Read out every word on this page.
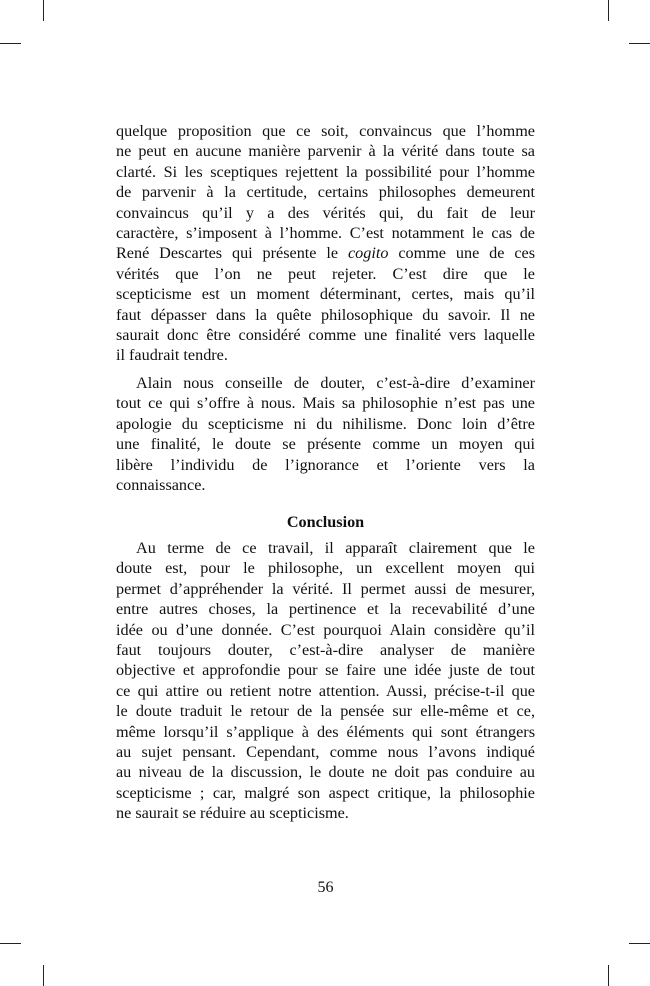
quelque proposition que ce soit, convaincus que l’homme
ne peut en aucune manière parvenir à la vérité dans toute sa
clarté. Si les sceptiques rejettent la possibilité pour l’homme
de parvenir à la certitude, certains philosophes demeurent
convaincus qu’il y a des vérités qui, du fait de leur
caractère, s’imposent à l’homme. C’est notamment le cas de
René Descartes qui présente le cogito comme une de ces
vérités que l’on ne peut rejeter. C’est dire que le
scepticisme est un moment déterminant, certes, mais qu’il
faut dépasser dans la quête philosophique du savoir. Il ne
saurait donc être considéré comme une finalité vers laquelle
il faudrait tendre.
Alain nous conseille de douter, c’est-à-dire d’examiner
tout ce qui s’offre à nous. Mais sa philosophie n’est pas une
apologie du scepticisme ni du nihilisme. Donc loin d’être
une finalité, le doute se présente comme un moyen qui
libère l’individu de l’ignorance et l’oriente vers la
connaissance.
Conclusion
Au terme de ce travail, il apparaît clairement que le
doute est, pour le philosophe, un excellent moyen qui
permet d’appréhender la vérité. Il permet aussi de mesurer,
entre autres choses, la pertinence et la recevabilité d’une
idée ou d’une donnée. C’est pourquoi Alain considère qu’il
faut toujours douter, c’est-à-dire analyser de manière
objective et approfondie pour se faire une idée juste de tout
ce qui attire ou retient notre attention. Aussi, précise-t-il que
le doute traduit le retour de la pensée sur elle-même et ce,
même lorsqu’il s’applique à des éléments qui sont étrangers
au sujet pensant. Cependant, comme nous l’avons indiqué
au niveau de la discussion, le doute ne doit pas conduire au
scepticisme ; car, malgré son aspect critique, la philosophie
ne saurait se réduire au scepticisme.
56
